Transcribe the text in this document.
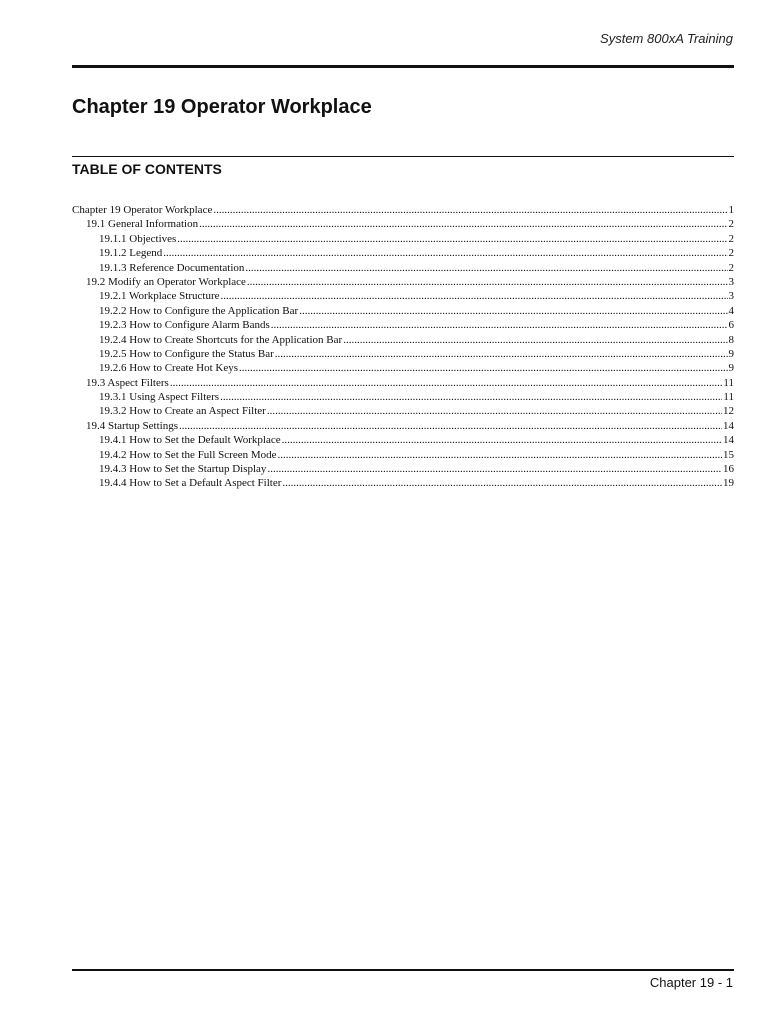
System 800xA Training
Chapter 19 Operator Workplace
TABLE OF CONTENTS
Chapter 19 Operator Workplace .....	1
19.1 General Information .....	2
19.1.1 Objectives .....	2
19.1.2 Legend .....	2
19.1.3 Reference Documentation .....	2
19.2 Modify an Operator Workplace .....	3
19.2.1 Workplace Structure .....	3
19.2.2 How to Configure the Application Bar .....	4
19.2.3 How to Configure Alarm Bands .....	6
19.2.4 How to Create Shortcuts for the Application Bar .....	8
19.2.5 How to Configure the Status Bar .....	9
19.2.6 How to Create Hot Keys .....	9
19.3 Aspect Filters .....	11
19.3.1 Using Aspect Filters .....	11
19.3.2 How to Create an Aspect Filter .....	12
19.4 Startup Settings .....	14
19.4.1 How to Set the Default Workplace .....	14
19.4.2 How to Set the Full Screen Mode .....	15
19.4.3 How to Set the Startup Display .....	16
19.4.4 How to Set a Default Aspect Filter .....	19
Chapter 19 - 1
